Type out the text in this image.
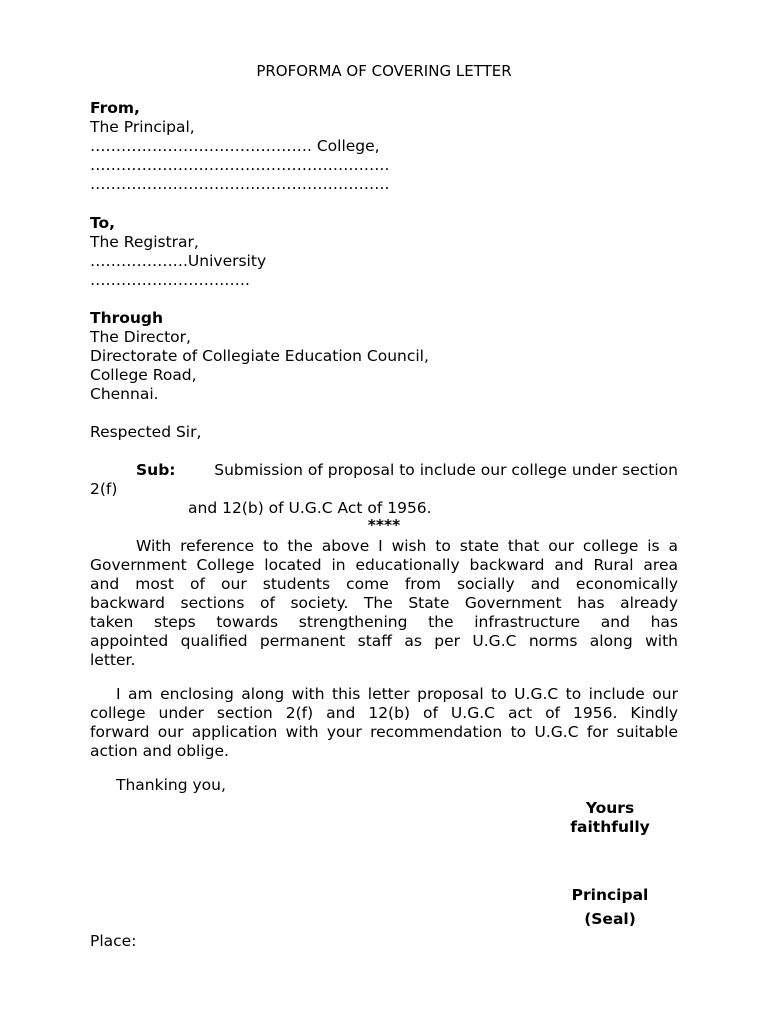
PROFORMA OF COVERING LETTER
From,
The Principal,
……………………………………. College,
………………………………………………….
………………………………………………….
To,
The Registrar,
……………….University
………………………….
Through
The Director,
Directorate of Collegiate Education Council,
College Road,
Chennai.
Respected Sir,
Sub:	Submission of proposal to include our college under section
2(f)
and 12(b) of U.G.C Act of 1956.
****
With reference to the above I wish to state that our college is a
Government College located in educationally backward and Rural area
and most of our students come from socially and economically
backward sections of society. The State Government has already
taken steps towards strengthening the infrastructure and has
appointed qualified permanent staff as per U.G.C norms along with
letter.
I am enclosing along with this letter proposal to U.G.C to include our
college under section 2(f) and 12(b) of U.G.C act of 1956. Kindly
forward our application with your recommendation to U.G.C for suitable
action and oblige.
Thanking you,
Yours
faithfully
Principal
(Seal)
Place:
